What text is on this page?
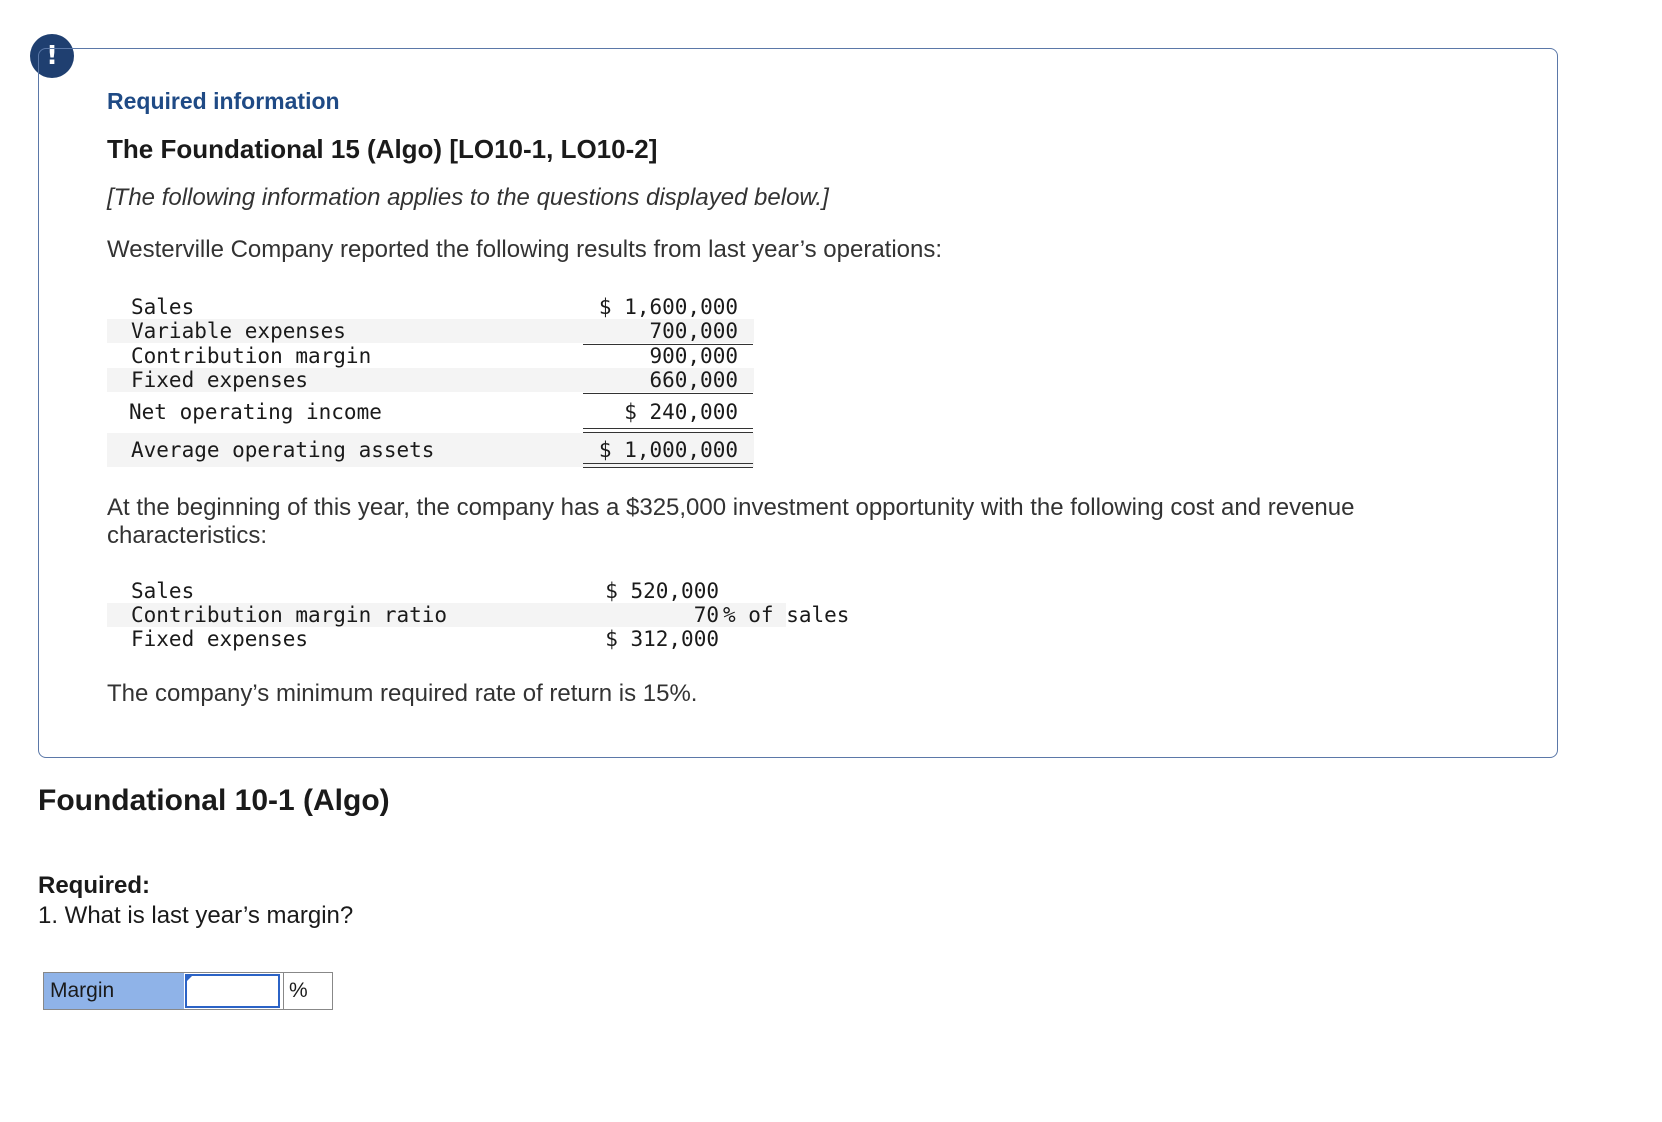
!
Required information
The Foundational 15 (Algo) [LO10-1, LO10-2]
[The following information applies to the questions displayed below.]
Westerville Company reported the following results from last year’s operations:
Sales	$ 1,600,000
Variable expenses	700,000
Contribution margin	900,000
Fixed expenses	660,000
Net operating income	$ 240,000
Average operating assets	$ 1,000,000
At the beginning of this year, the company has a $325,000 investment opportunity with the following cost and revenue characteristics:
Sales	$ 520,000
Contribution margin ratio	70 % of sales
Fixed expenses	$ 312,000
The company’s minimum required rate of return is 15%.
Foundational 10-1 (Algo)
Required:
1. What is last year’s margin?
Margin	%
